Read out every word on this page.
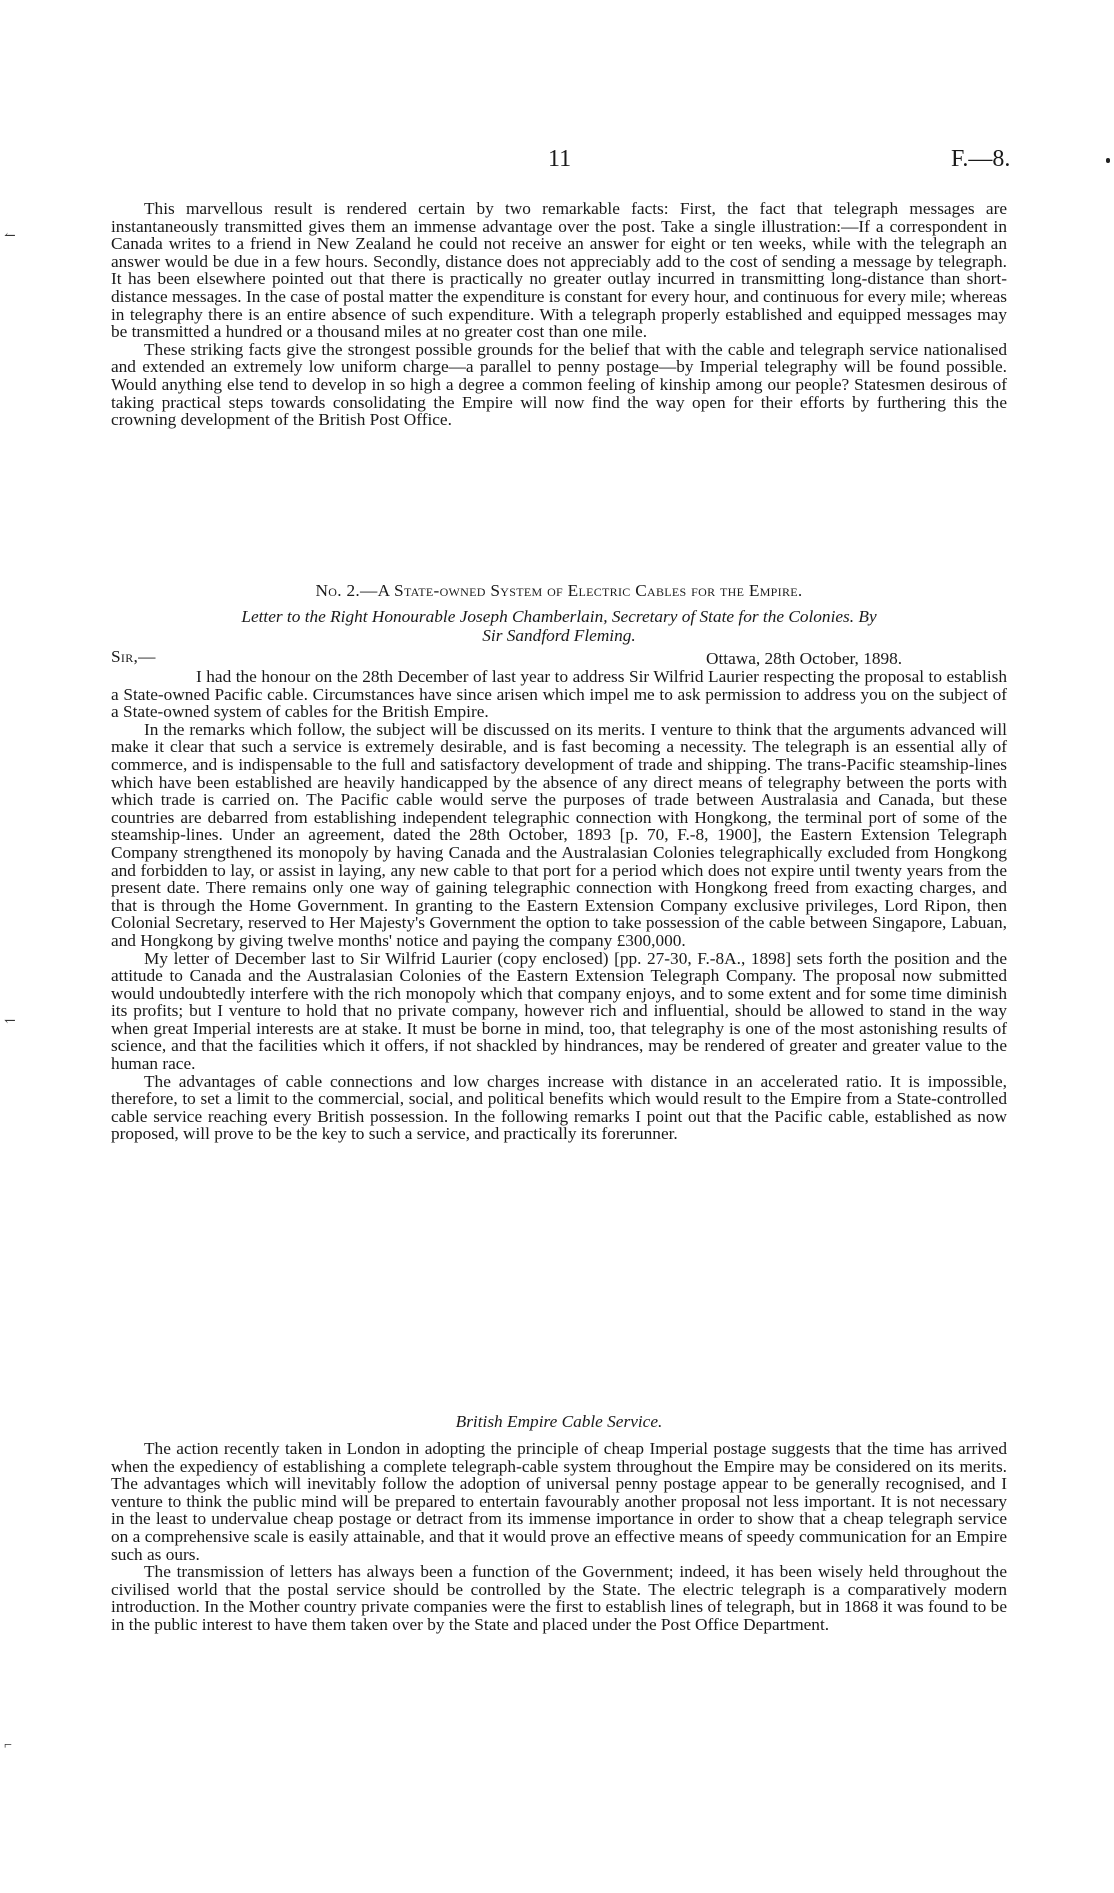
11	F.—8.
↼
↽
⌐

This marvellous result is rendered certain by two remarkable facts: First, the fact that telegraph messages are instantaneously transmitted gives them an immense advantage over the post. Take a single illustration:—If a correspondent in Canada writes to a friend in New Zealand he could not receive an answer for eight or ten weeks, while with the telegraph an answer would be due in a few hours. Secondly, distance does not appreciably add to the cost of sending a message by telegraph. It has been elsewhere pointed out that there is practically no greater outlay incurred in transmitting long-distance than short-distance messages. In the case of postal matter the expenditure is constant for every hour, and continuous for every mile; whereas in telegraphy there is an entire absence of such expenditure. With a telegraph properly established and equipped messages may be transmitted a hundred or a thousand miles at no greater cost than one mile.

These striking facts give the strongest possible grounds for the belief that with the cable and telegraph service nationalised and extended an extremely low uniform charge—a parallel to penny postage—by Imperial telegraphy will be found possible. Would anything else tend to develop in so high a degree a common feeling of kinship among our people? Statesmen desirous of taking practical steps towards consolidating the Empire will now find the way open for their efforts by furthering this the crowning development of the British Post Office.

No. 2.—A State-owned System of Electric Cables for the Empire.
Letter to the Right Honourable Joseph Chamberlain, Secretary of State for the Colonies. By
Sir Sandford Fleming.
Sir,—	Ottawa, 28th October, 1898.

I had the honour on the 28th December of last year to address Sir Wilfrid Laurier respecting the proposal to establish a State-owned Pacific cable. Circumstances have since arisen which impel me to ask permission to address you on the subject of a State-owned system of cables for the British Empire.

In the remarks which follow, the subject will be discussed on its merits. I venture to think that the arguments advanced will make it clear that such a service is extremely desirable, and is fast becoming a necessity. The telegraph is an essential ally of commerce, and is indispensable to the full and satisfactory development of trade and shipping. The trans-Pacific steamship-lines which have been established are heavily handicapped by the absence of any direct means of telegraphy between the ports with which trade is carried on. The Pacific cable would serve the purposes of trade between Australasia and Canada, but these countries are debarred from establishing independent telegraphic connection with Hongkong, the terminal port of some of the steamship-lines. Under an agreement, dated the 28th October, 1893 [p. 70, F.-8, 1900], the Eastern Extension Telegraph Company strengthened its monopoly by having Canada and the Australasian Colonies telegraphically excluded from Hongkong and forbidden to lay, or assist in laying, any new cable to that port for a period which does not expire until twenty years from the present date. There remains only one way of gaining telegraphic connection with Hongkong freed from exacting charges, and that is through the Home Government. In granting to the Eastern Extension Company exclusive privileges, Lord Ripon, then Colonial Secretary, reserved to Her Majesty's Government the option to take possession of the cable between Singapore, Labuan, and Hongkong by giving twelve months' notice and paying the company £300,000.

My letter of December last to Sir Wilfrid Laurier (copy enclosed) [pp. 27-30, F.-8A., 1898] sets forth the position and the attitude to Canada and the Australasian Colonies of the Eastern Extension Telegraph Company. The proposal now submitted would undoubtedly interfere with the rich monopoly which that company enjoys, and to some extent and for some time diminish its profits; but I venture to hold that no private company, however rich and influential, should be allowed to stand in the way when great Imperial interests are at stake. It must be borne in mind, too, that telegraphy is one of the most astonishing results of science, and that the facilities which it offers, if not shackled by hindrances, may be rendered of greater and greater value to the human race.

The advantages of cable connections and low charges increase with distance in an accelerated ratio. It is impossible, therefore, to set a limit to the commercial, social, and political benefits which would result to the Empire from a State-controlled cable service reaching every British possession. In the following remarks I point out that the Pacific cable, established as now proposed, will prove to be the key to such a service, and practically its forerunner.

British Empire Cable Service.

The action recently taken in London in adopting the principle of cheap Imperial postage suggests that the time has arrived when the expediency of establishing a complete telegraph-cable system throughout the Empire may be considered on its merits. The advantages which will inevitably follow the adoption of universal penny postage appear to be generally recognised, and I venture to think the public mind will be prepared to entertain favourably another proposal not less important. It is not necessary in the least to undervalue cheap postage or detract from its immense importance in order to show that a cheap telegraph service on a comprehensive scale is easily attainable, and that it would prove an effective means of speedy communication for an Empire such as ours.

The transmission of letters has always been a function of the Government; indeed, it has been wisely held throughout the civilised world that the postal service should be controlled by the State. The electric telegraph is a comparatively modern introduction. In the Mother country private companies were the first to establish lines of telegraph, but in 1868 it was found to be in the public interest to have them taken over by the State and placed under the Post Office Department.
